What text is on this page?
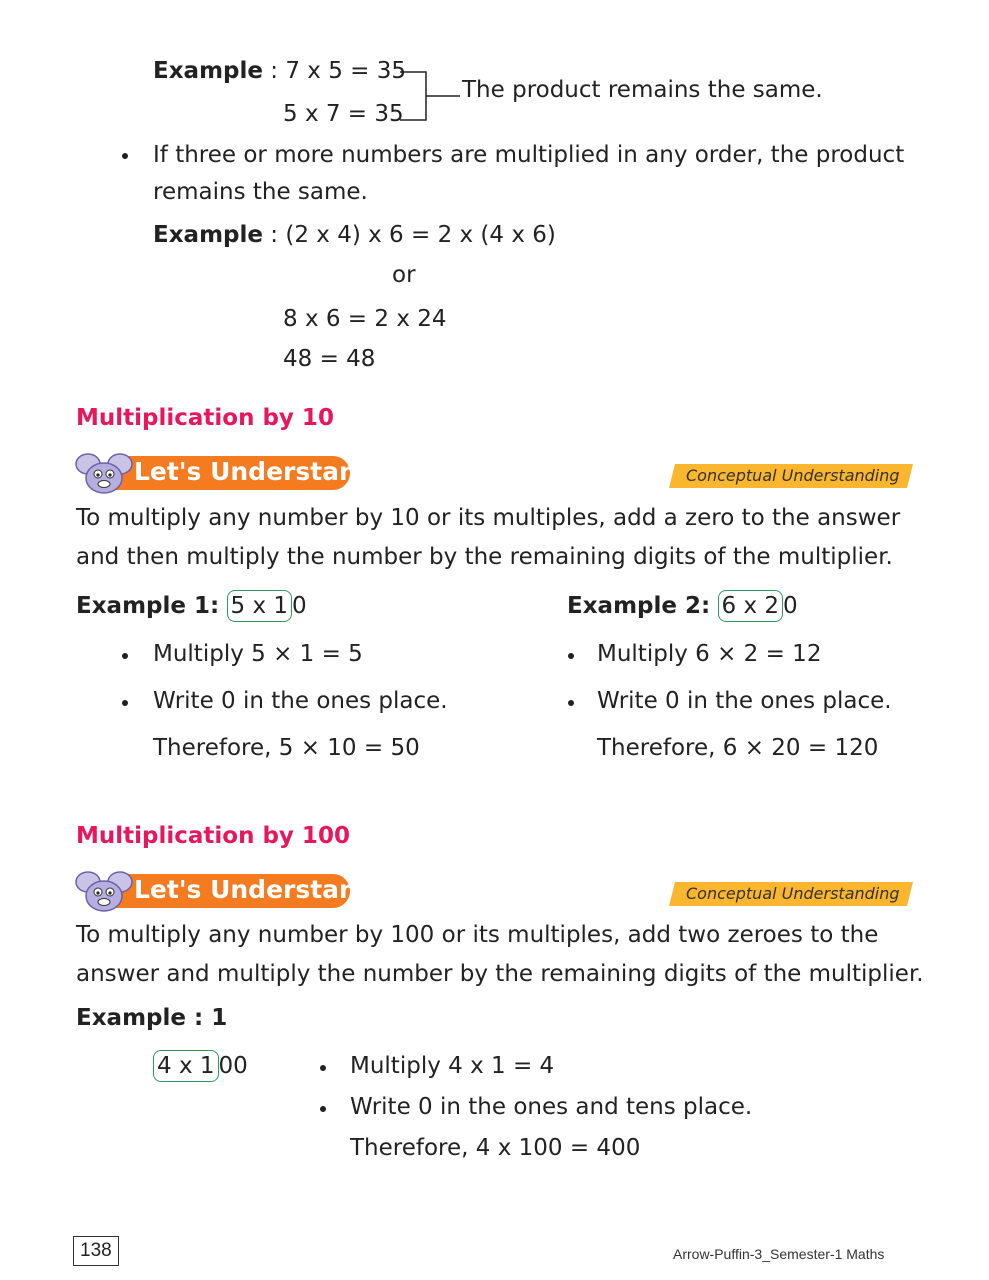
Example : 7 x 5 = 35
5 x 7 = 35
The product remains the same.
If three or more numbers are multiplied in any order, the product
remains the same.
Example : (2 x 4) x 6 = 2 x (4 x 6)
or
8 x 6 = 2 x 24
48 = 48
Multiplication by 10
Let's Understand	Conceptual Understanding
To multiply any number by 10 or its multiples, add a zero to the answer
and then multiply the number by the remaining digits of the multiplier.
Example 1: 5 x 1 0
Multiply 5 × 1 = 5
Write 0 in the ones place.
Therefore, 5 × 10 = 50
Example 2: 6 x 2 0
Multiply 6 × 2 = 12
Write 0 in the ones place.
Therefore, 6 × 20 = 120
Multiplication by 100
Let's Understand	Conceptual Understanding
To multiply any number by 100 or its multiples, add two zeroes to the
answer and multiply the number by the remaining digits of the multiplier.
Example : 1
4 x 1 00	Multiply 4 x 1 = 4
Write 0 in the ones and tens place.
Therefore, 4 x 100 = 400
138	Arrow-Puffin-3_Semester-1 Maths
